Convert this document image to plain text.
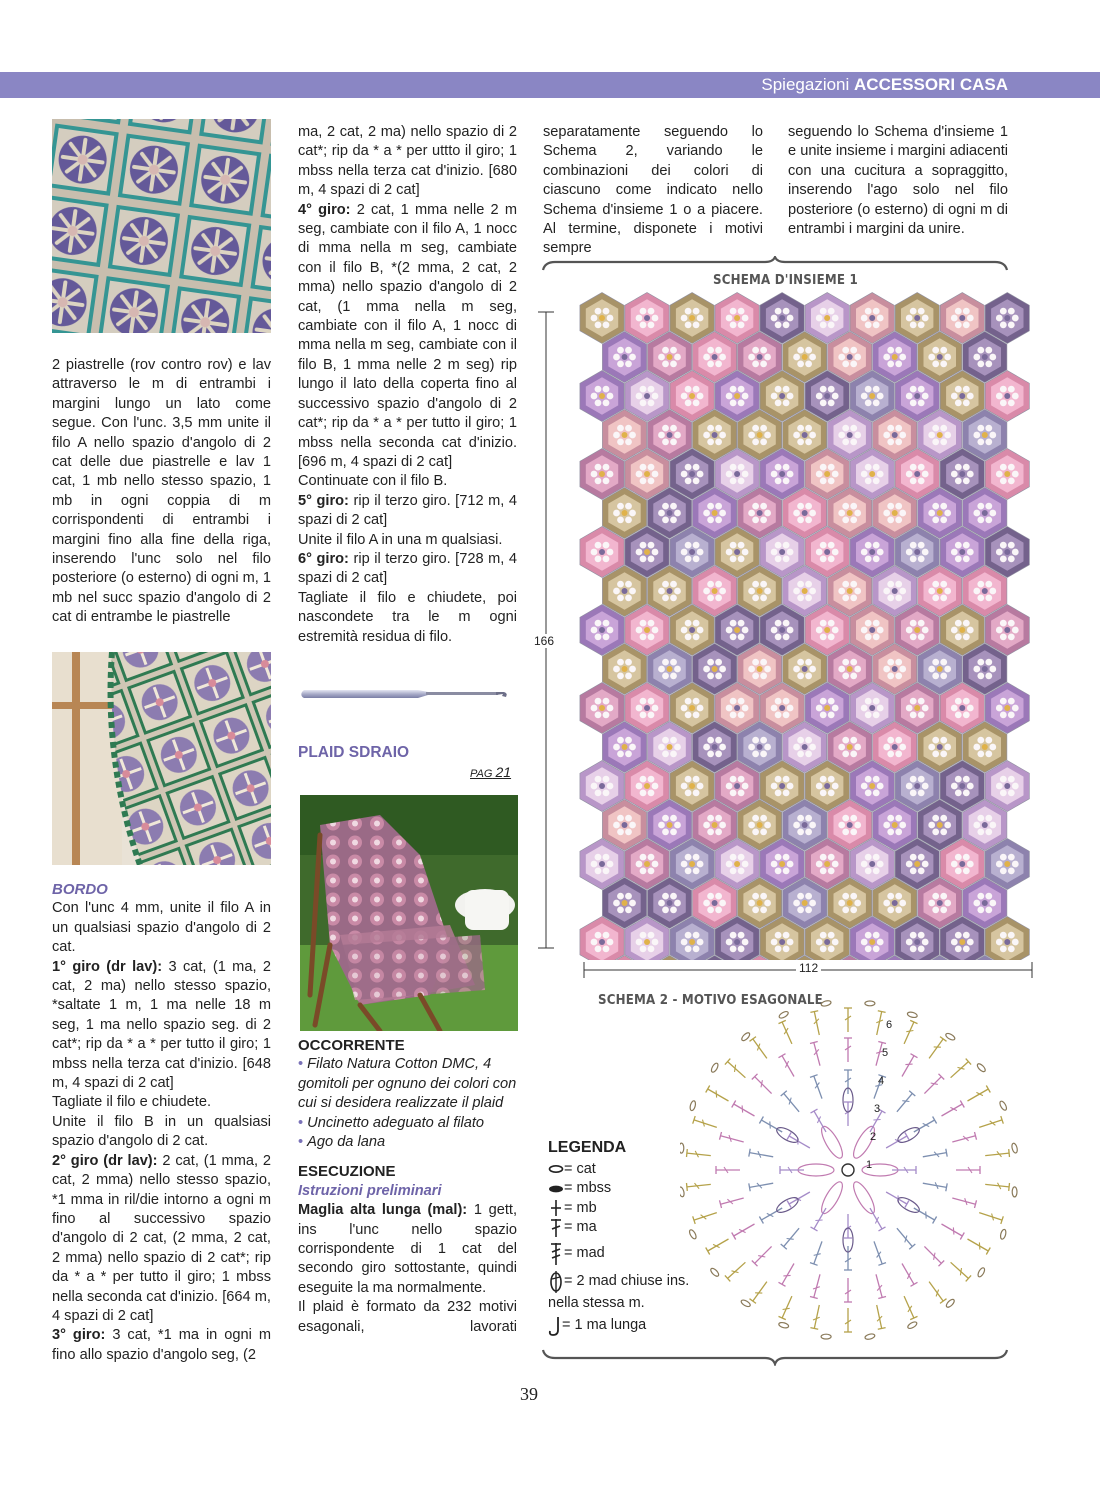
Spiegazioni ACCESSORI CASA

2 piastrelle (rov contro rov) e lav attraverso le m di entrambi i margini lungo un lato come segue. Con l'unc. 3,5 mm unite il filo A nello spazio d'angolo di 2 cat delle due piastrelle e lav 1 cat, 1 mb nello stesso spazio, 1 mb in ogni coppia di m corrispondenti di entrambi i margini fino alla fine della riga, inserendo l'unc solo nel filo posteriore (o esterno) di ogni m, 1 mb nel succ spazio d'angolo di 2 cat di entrambe le piastrelle

BORDO

Con l'unc 4 mm, unite il filo A in un qualsiasi spazio d'angolo di 2 cat.

1° giro (dr lav): 3 cat, (1 ma, 2 cat, 2 ma) nello stesso spazio, *saltate 1 m, 1 ma nelle 18 m seg, 1 ma nello spazio seg. di 2 cat*; rip da * a * per tutto il giro; 1 mbss nella terza cat d'inizio. [648 m, 4 spazi di 2 cat]

Tagliate il filo e chiudete.

Unite il filo B in un qualsiasi spazio d'angolo di 2 cat.

2° giro (dr lav): 2 cat, (1 mma, 2 cat, 2 mma) nello stesso spazio, *1 mma in ril/die intorno a ogni m fino al successivo spazio d'angolo di 2 cat, (2 mma, 2 cat, 2 mma) nello spazio di 2 cat*; rip da * a * per tutto il giro; 1 mbss nella seconda cat d'inizio. [664 m, 4 spazi di 2 cat]

3° giro: 3 cat, *1 ma in ogni m fino allo spazio d'angolo seg, (2

ma, 2 cat, 2 ma) nello spazio di 2 cat*; rip da * a * per uttto il giro; 1 mbss nella terza cat d'inizio. [680 m, 4 spazi di 2 cat]

4° giro: 2 cat, 1 mma nelle 2 m seg, cambiate con il filo A, 1 nocc di mma nella m seg, cambiate con il filo B, *(2 mma, 2 cat, 2 mma) nello spazio d'angolo di 2 cat, (1 mma nella m seg, cambiate con il filo A, 1 nocc di mma nella m seg, cambiate con il filo B, 1 mma nelle 2 m seg) rip lungo il lato della coperta fino al successivo spazio d'angolo di 2 cat*; rip da * a * per tutto il giro; 1 mbss nella seconda cat d'inizio. [696 m, 4 spazi di 2 cat]

Continuate con il filo B.

5° giro: rip il terzo giro. [712 m, 4 spazi di 2 cat]

Unite il filo A in una m qualsiasi.

6° giro: rip il terzo giro. [728 m, 4 spazi di 2 cat]

Tagliate il filo e chiudete, poi nascondete tra le m ogni estremità residua di filo.

PLAID SDRAIO
PAG 21

OCCORRENTE

• Filato Natura Cotton DMC, 4 gomitoli per ognuno dei colori con cui si desidera realizzate il plaid

• Uncinetto adeguato al filato

• Ago da lana

ESECUZIONE

Istruzioni preliminari

Maglia alta lunga (mal): 1 gett, ins l'unc nello spazio corrispondente di 1 cat del secondo giro sottostante, quindi eseguite la ma normalmente.

Il plaid è formato da 232 motivi esagonali, lavorati

separatamente seguendo lo Schema 2, variando le combinazioni dei colori di ciascuno come indicato nello Schema d'insieme 1 o a piacere. Al termine, disponete i motivi sempre

seguendo lo Schema d'insieme 1 e unite insieme i margini adiacenti con una cucitura a sopraggitto, inserendo l'ago solo nel filo posteriore (o esterno) di ogni m di entrambi i margini da unire.

SCHEMA D'INSIEME 1
166
112
SCHEMA 2 - MOTIVO ESAGONALE
1
2
3
4
5
6
LEGENDA
= cat
= mbss
= mb
= ma
= mad
= 2 mad chiuse ins.
nella stessa m.
= 1 ma lunga
39
